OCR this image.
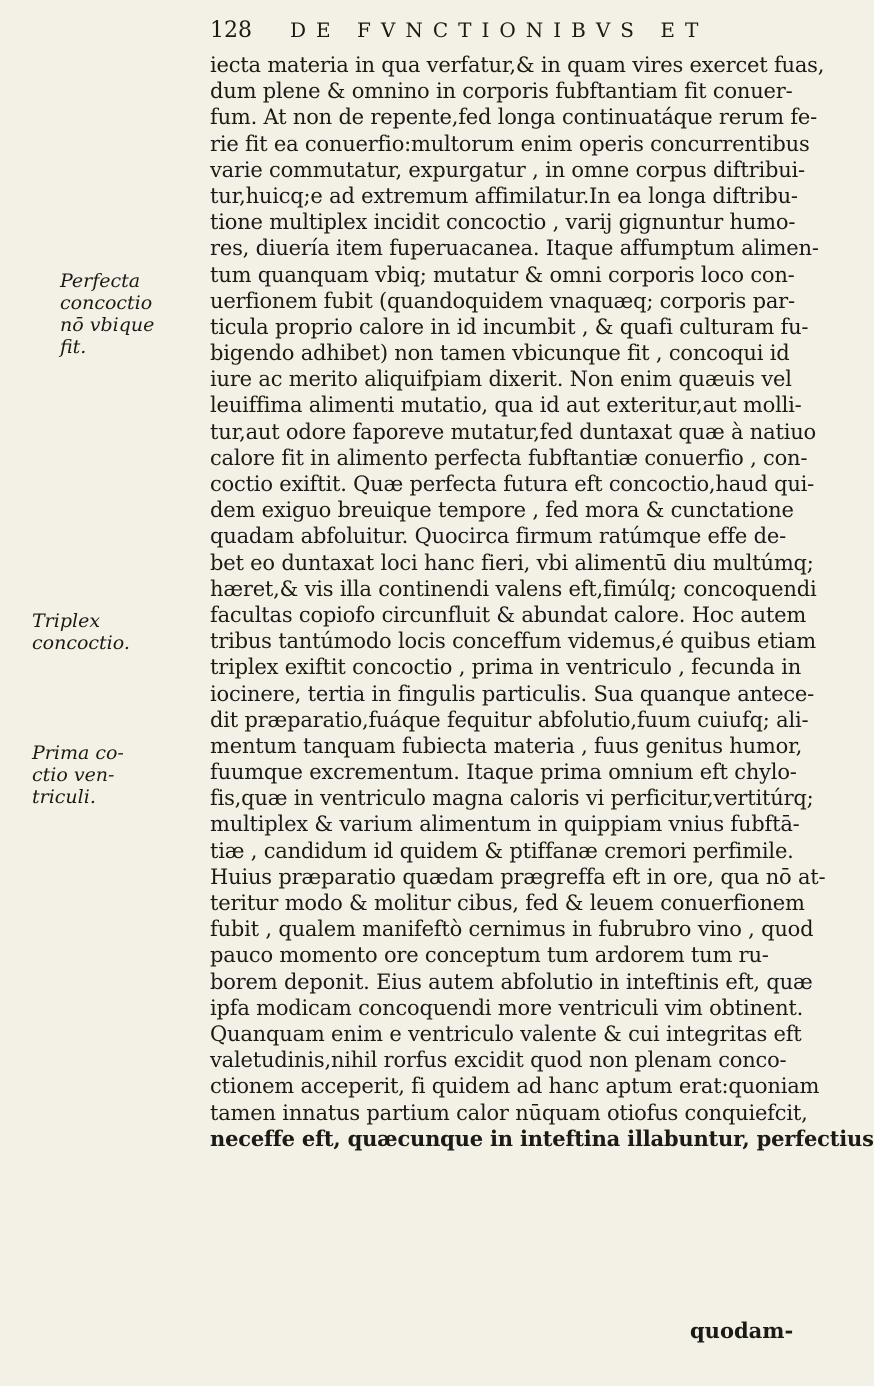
128 DE FVNCTIONIBVS ET
iecta materia in qua verfatur,& in quam vires exercet fuas,
dum plene & omnino in corporis fubftantiam fit conuer-
fum. At non de repente,fed longa continuatáque rerum fe-
rie fit ea conuerfio:multorum enim operis concurrentibus
varie commutatur, expurgatur , in omne corpus diftribui-
tur,huicq;e ad extremum affimilatur.In ea longa diftribu-
tione multiplex incidit concoctio , varij gignuntur humo-
res, diuería item fuperuacanea. Itaque affumptum alimen-
tum quanquam vbiq; mutatur & omni corporis loco con-
uerfionem fubit (quandoquidem vnaquæq; corporis par-
ticula proprio calore in id incumbit , & quafi culturam fu-
bigendo adhibet) non tamen vbicunque fit , concoqui id
iure ac merito aliquifpiam dixerit. Non enim quæuis vel
leuiffima alimenti mutatio, qua id aut exteritur,aut molli-
tur,aut odore faporeve mutatur,fed duntaxat quæ à natiuo
calore fit in alimento perfecta fubftantiæ conuerfio , con-
coctio exiftit. Quæ perfecta futura eft concoctio,haud qui-
dem exiguo breuique tempore , fed mora & cunctatione
quadam abfoluitur. Quocirca firmum ratúmque effe de-
bet eo duntaxat loci hanc fieri, vbi alimentū diu multúmq;
hæret,& vis illa continendi valens eft,fimúlq; concoquendi
facultas copiofo circunfluit & abundat calore. Hoc autem
tribus tantúmodo locis conceffum videmus,é quibus etiam
triplex exiftit concoctio , prima in ventriculo , fecunda in
iocinere, tertia in fingulis particulis. Sua quanque antece-
dit præparatio,fuáque fequitur abfolutio,fuum cuiufq; ali-
mentum tanquam fubiecta materia , fuus genitus humor,
fuumque excrementum. Itaque prima omnium eft chylo-
fis,quæ in ventriculo magna caloris vi perficitur,vertitúrq;
multiplex & varium alimentum in quippiam vnius fubftā-
tiæ , candidum id quidem & ptiffanæ cremori perfimile.
Huius præparatio quædam prægreffa eft in ore, qua nō at-
teritur modo & molitur cibus, fed & leuem conuerfionem
fubit , qualem manifeftò cernimus in fubrubro vino , quod
pauco momento ore conceptum tum ardorem tum ru-
borem deponit. Eius autem abfolutio in inteftinis eft, quæ
ipfa modicam concoquendi more ventriculi vim obtinent.
Quanquam enim e ventriculo valente & cui integritas eft
valetudinis,nihil rorfus excidit quod non plenam conco-
ctionem acceperit, fi quidem ad hanc aptum erat:quoniam
tamen innatus partium calor nūquam otiofus conquiefcit,
neceffe eft, quæcunque in inteftina illabuntur, perfectius
Perfecta
concoctio
nō vbique
fit.
Triplex
concoctio.
Prima co-
ctio ven-
triculi.
quodam-
